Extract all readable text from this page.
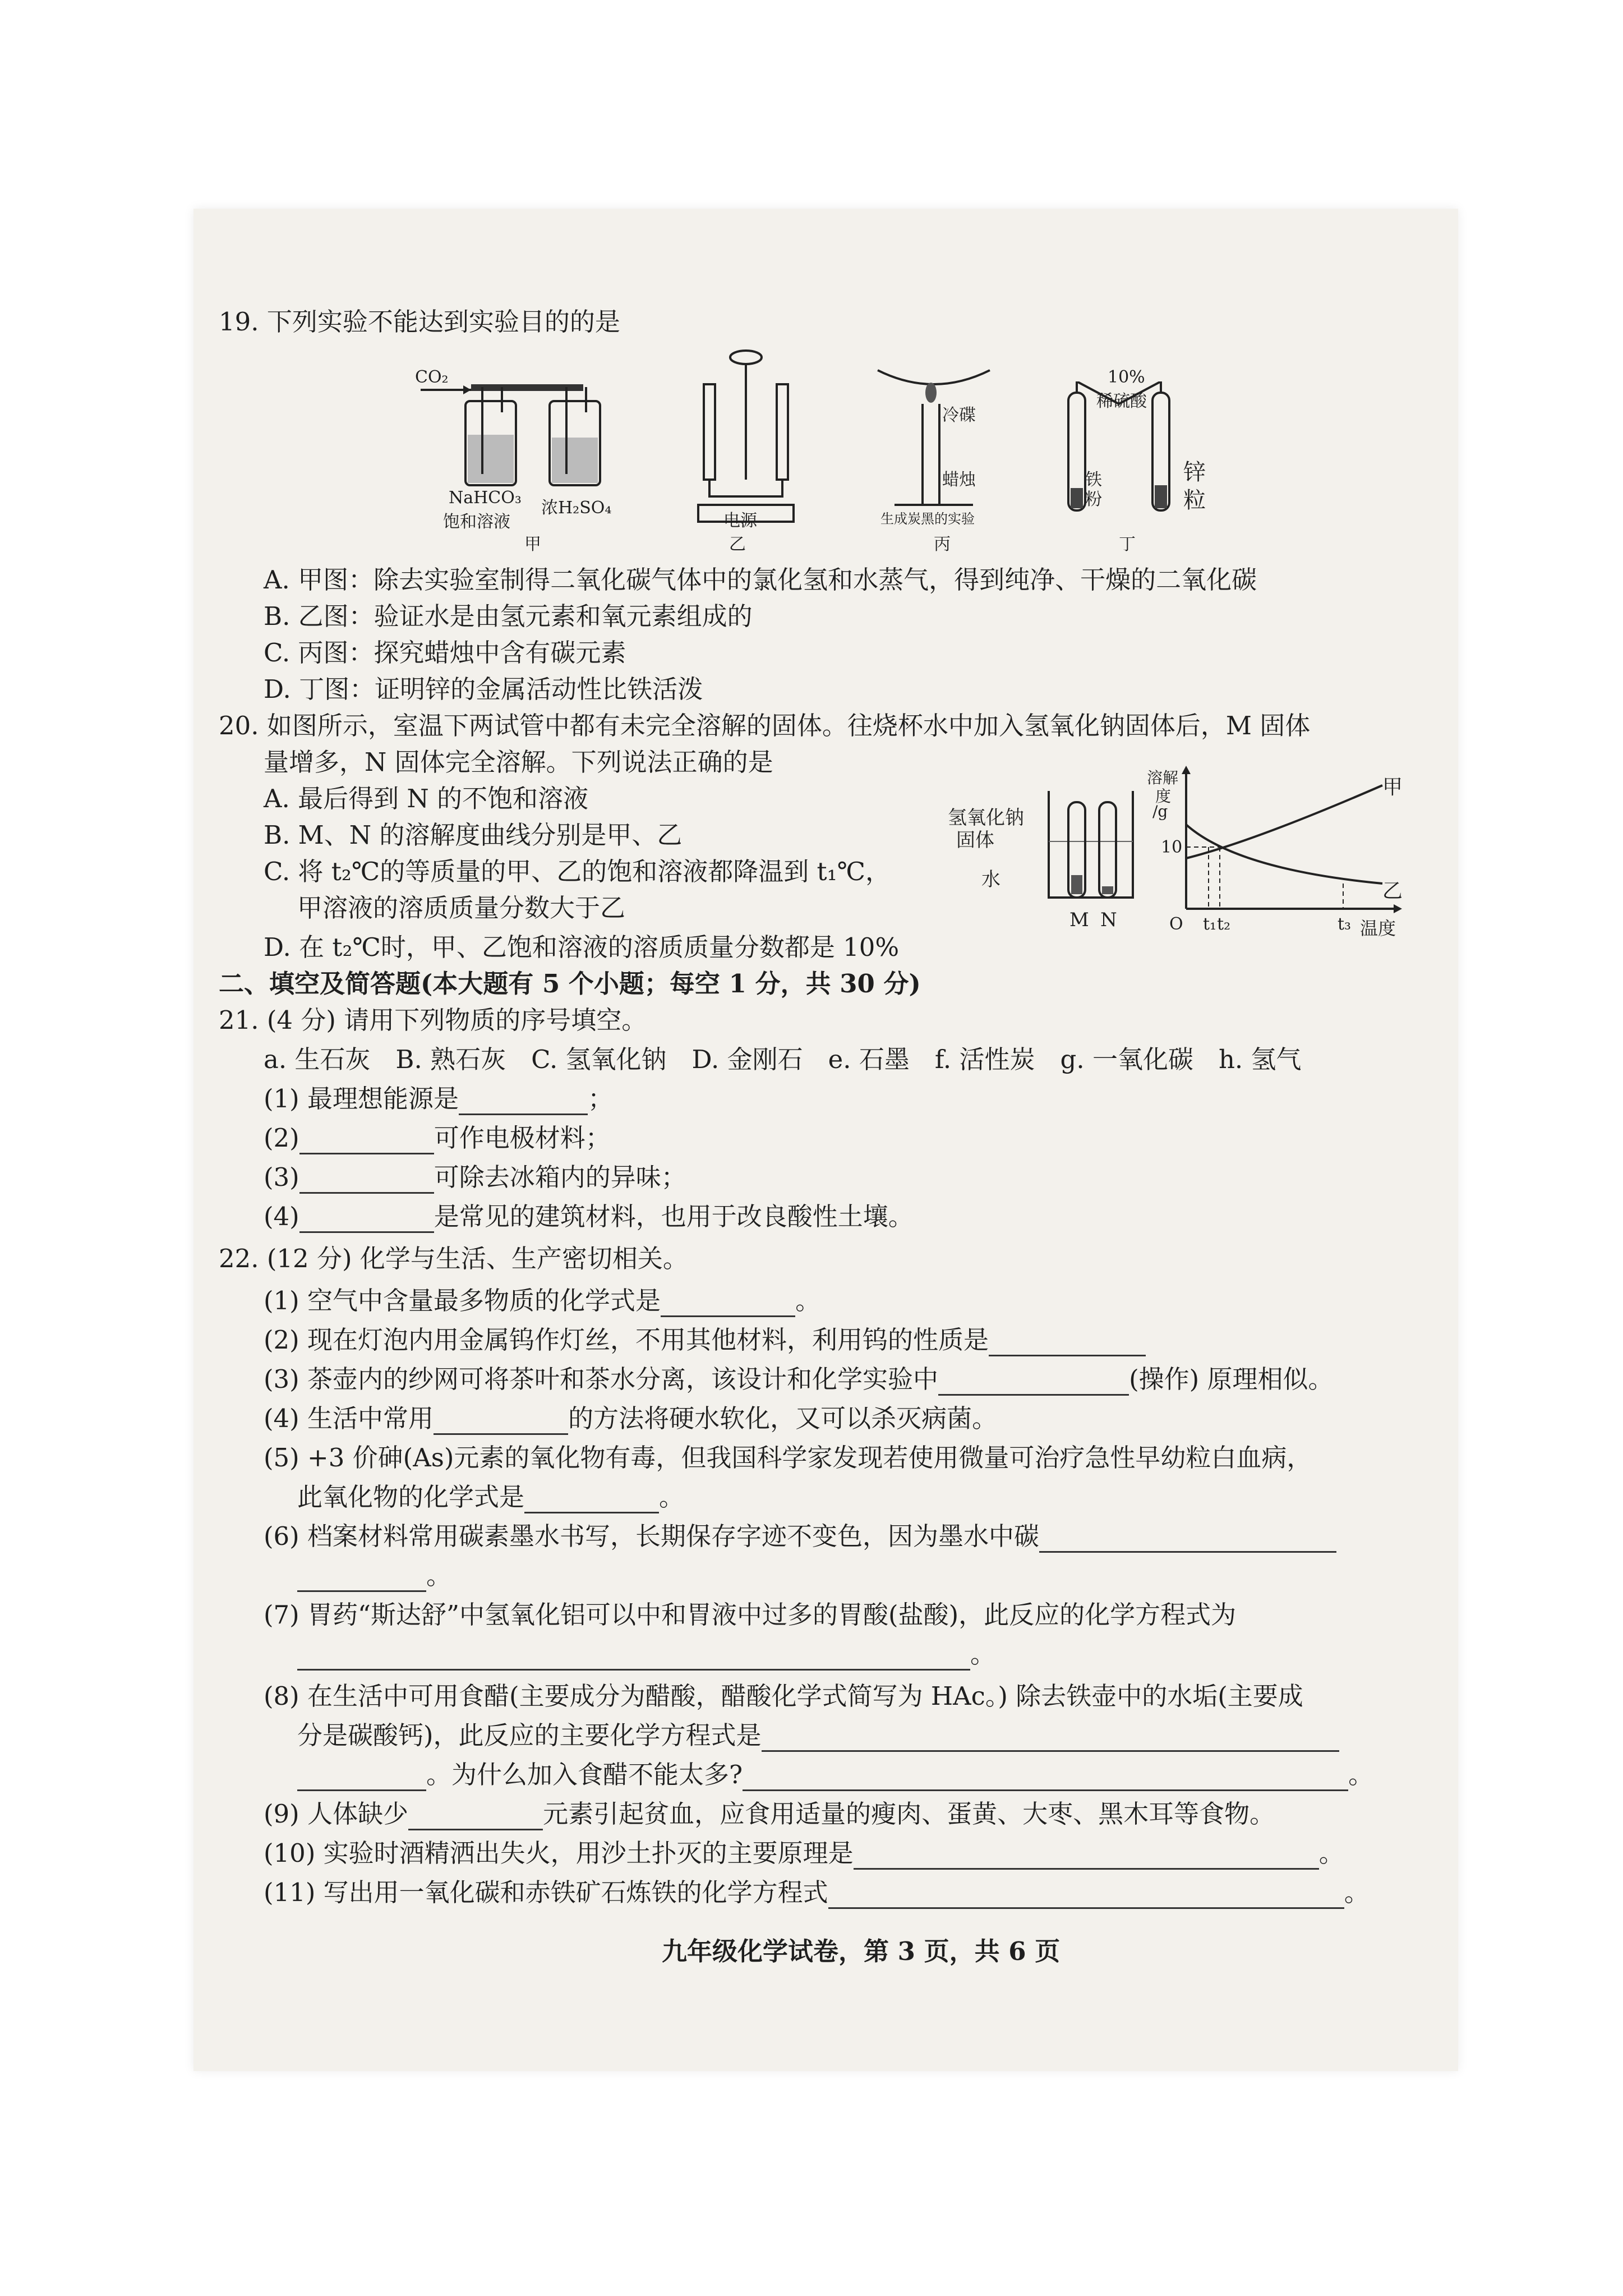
19. 下列实验不能达到实验目的的是
CO₂
NaHCO₃
饱和溶液
浓H₂SO₄
甲
电源
乙
冷碟
蜡烛
生成炭黑的实验
丙
10%
稀硫酸
铁
粉
锌
粒
丁
A. 甲图：除去实验室制得二氧化碳气体中的氯化氢和水蒸气，得到纯净、干燥的二氧化碳
B. 乙图：验证水是由氢元素和氧元素组成的
C. 丙图：探究蜡烛中含有碳元素
D. 丁图：证明锌的金属活动性比铁活泼
20. 如图所示，室温下两试管中都有未完全溶解的固体。往烧杯水中加入氢氧化钠固体后，M 固体
量增多，N 固体完全溶解。下列说法正确的是
A. 最后得到 N 的不饱和溶液
B. M、N 的溶解度曲线分别是甲、乙
C. 将 t₂℃的等质量的甲、乙的饱和溶液都降温到 t₁℃，
甲溶液的溶质质量分数大于乙
D. 在 t₂℃时，甲、乙饱和溶液的溶质质量分数都是 10%
氢氧化钠
固体
水
M N
溶解
度
/g
10
O t₁ t₂	t₃ 温度
甲
乙
二、填空及简答题(本大题有 5 个小题；每空 1 分，共 30 分)
21. (4 分) 请用下列物质的序号填空。
a. 生石灰　B. 熟石灰　C. 氢氧化钠　D. 金刚石　e. 石墨　f. 活性炭　g. 一氧化碳　h. 氢气
(1) 最理想能源是	；
(2)	可作电极材料；
(3)	可除去冰箱内的异味；
(4)	是常见的建筑材料，也用于改良酸性土壤。
22. (12 分) 化学与生活、生产密切相关。
(1) 空气中含量最多物质的化学式是	。
(2) 现在灯泡内用金属钨作灯丝，不用其他材料，利用钨的性质是
(3) 茶壶内的纱网可将茶叶和茶水分离，该设计和化学实验中	(操作) 原理相似。
(4) 生活中常用	的方法将硬水软化，又可以杀灭病菌。
(5) +3 价砷(As)元素的氧化物有毒，但我国科学家发现若使用微量可治疗急性早幼粒白血病，
此氧化物的化学式是	。
(6) 档案材料常用碳素墨水书写，长期保存字迹不变色，因为墨水中碳
。
(7) 胃药“斯达舒”中氢氧化铝可以中和胃液中过多的胃酸(盐酸)，此反应的化学方程式为
。
(8) 在生活中可用食醋(主要成分为醋酸，醋酸化学式简写为 HAc。) 除去铁壶中的水垢(主要成
分是碳酸钙)，此反应的主要化学方程式是
。为什么加入食醋不能太多?	。
(9) 人体缺少	元素引起贫血，应食用适量的瘦肉、蛋黄、大枣、黑木耳等食物。
(10) 实验时酒精洒出失火，用沙土扑灭的主要原理是	。
(11) 写出用一氧化碳和赤铁矿石炼铁的化学方程式	。
九年级化学试卷，第 3 页，共 6 页
